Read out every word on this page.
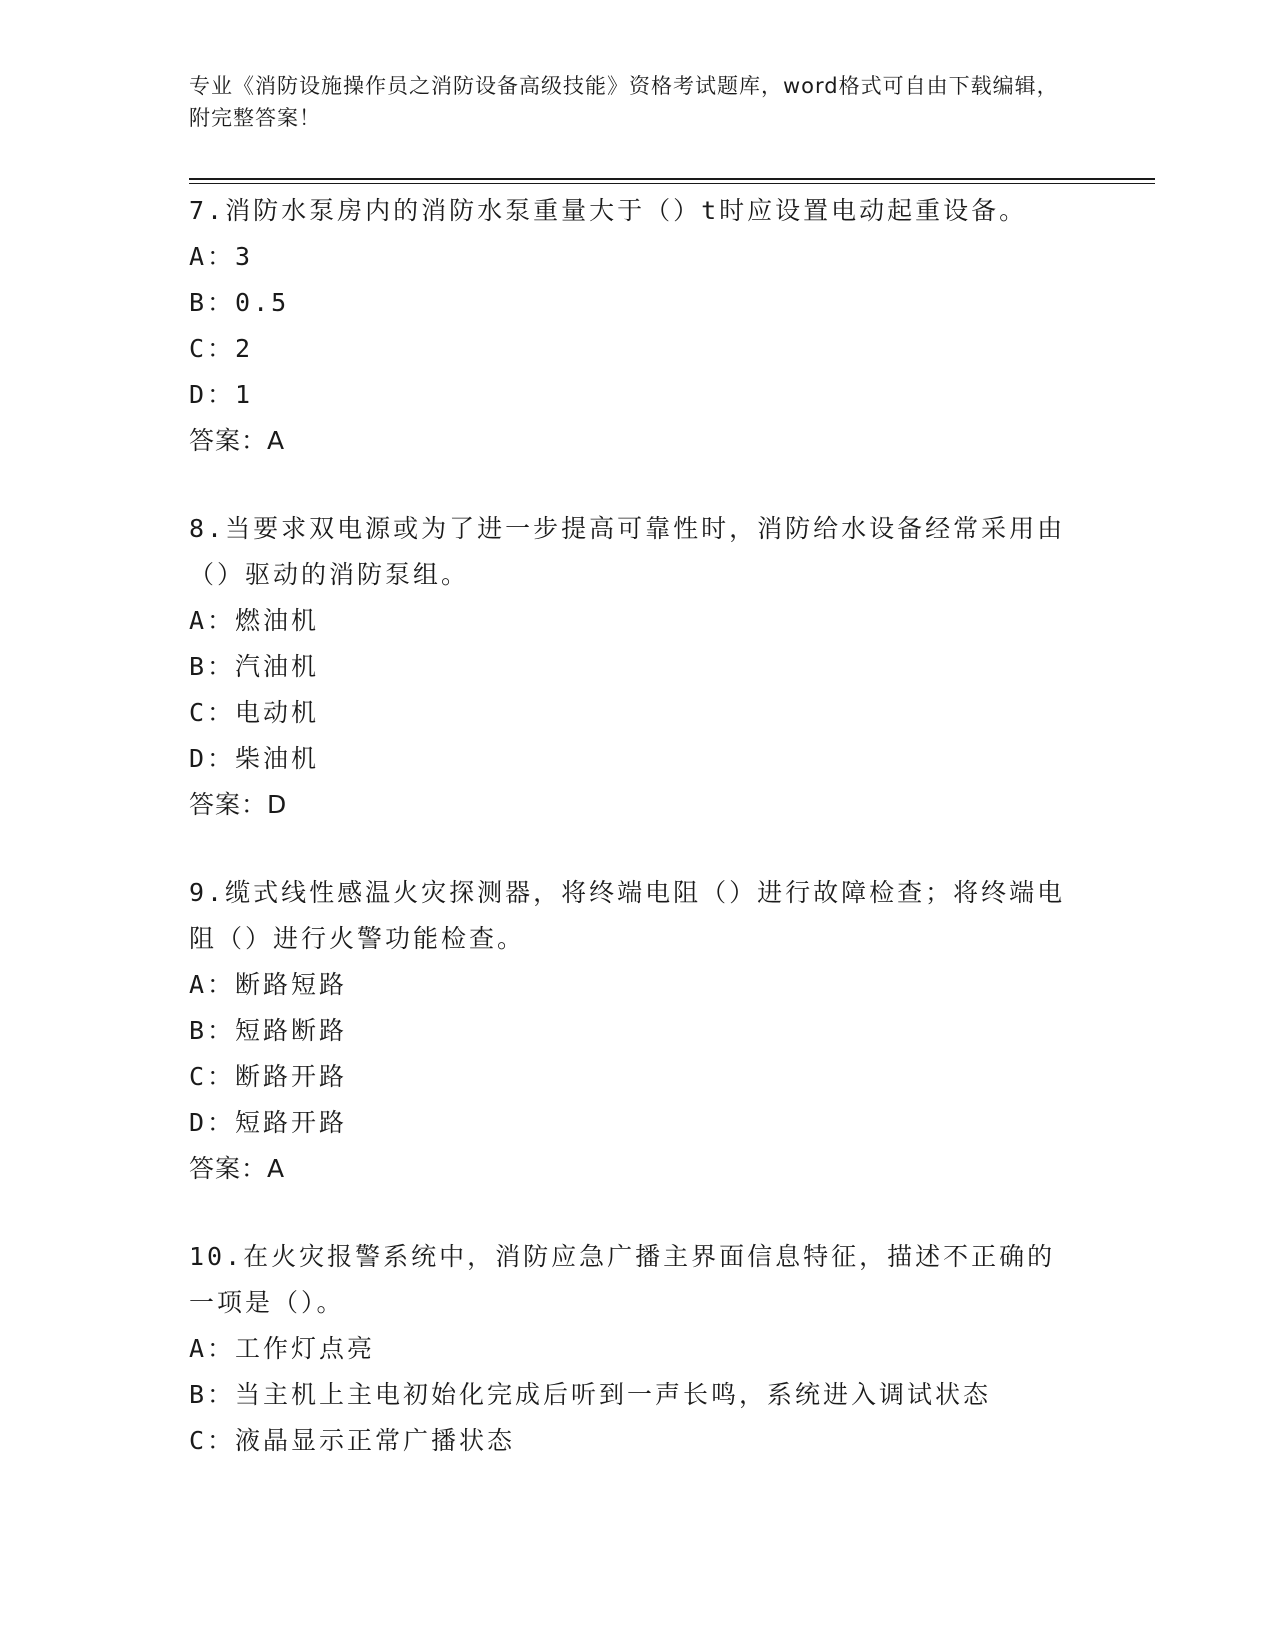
专业《消防设施操作员之消防设备高级技能》资格考试题库，word格式可自由下载编辑，附完整答案！
7.消防水泵房内的消防水泵重量大于（）t时应设置电动起重设备。
A：3
B：0.5
C：2
D：1
答案：A
8.当要求双电源或为了进一步提高可靠性时，消防给水设备经常采用由（）驱动的消防泵组。
A：燃油机
B：汽油机
C：电动机
D：柴油机
答案：D
9.缆式线性感温火灾探测器，将终端电阻（）进行故障检查；将终端电阻（）进行火警功能检查。
A：断路短路
B：短路断路
C：断路开路
D：短路开路
答案：A
10.在火灾报警系统中，消防应急广播主界面信息特征，描述不正确的一项是（）。
A：工作灯点亮
B：当主机上主电初始化完成后听到一声长鸣，系统进入调试状态
C：液晶显示正常广播状态
